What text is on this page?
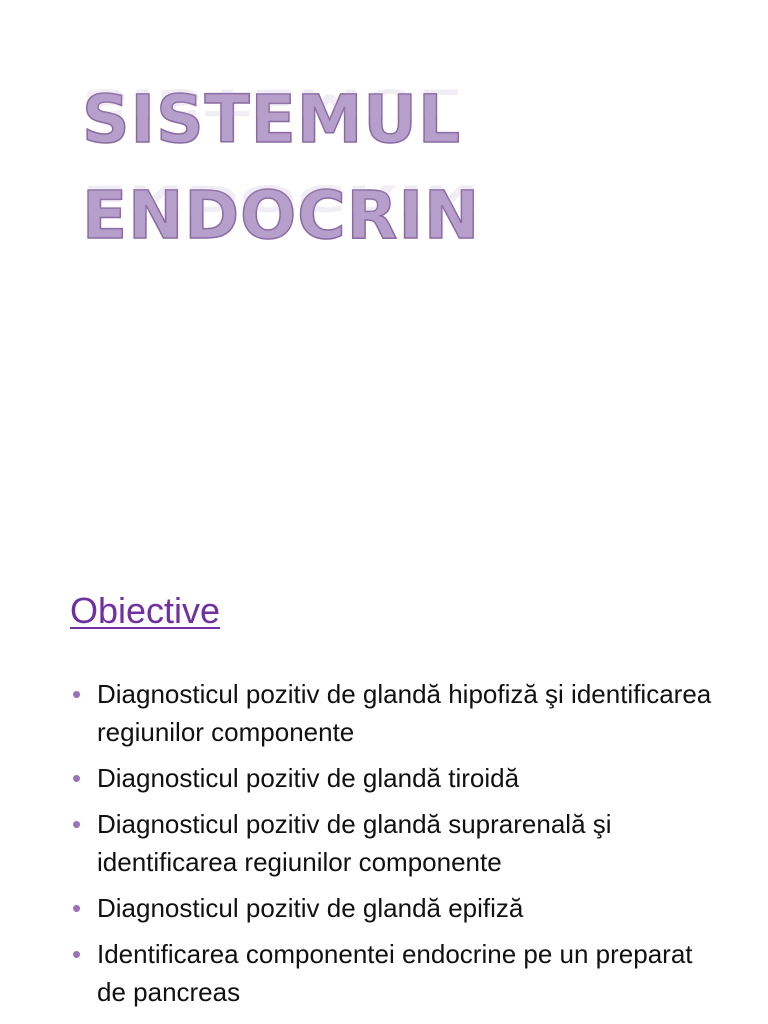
SISTEMUL SISTEMUL
ENDOCRIN ENDOCRIN
Obiective
• Diagnosticul pozitiv de glandă hipofiză şi identificarea regiunilor componente
• Diagnosticul pozitiv de glandă tiroidă
• Diagnosticul pozitiv de glandă suprarenală şi identificarea regiunilor componente
• Diagnosticul pozitiv de glandă epifiză
• Identificarea componentei endocrine pe un preparat de pancreas
